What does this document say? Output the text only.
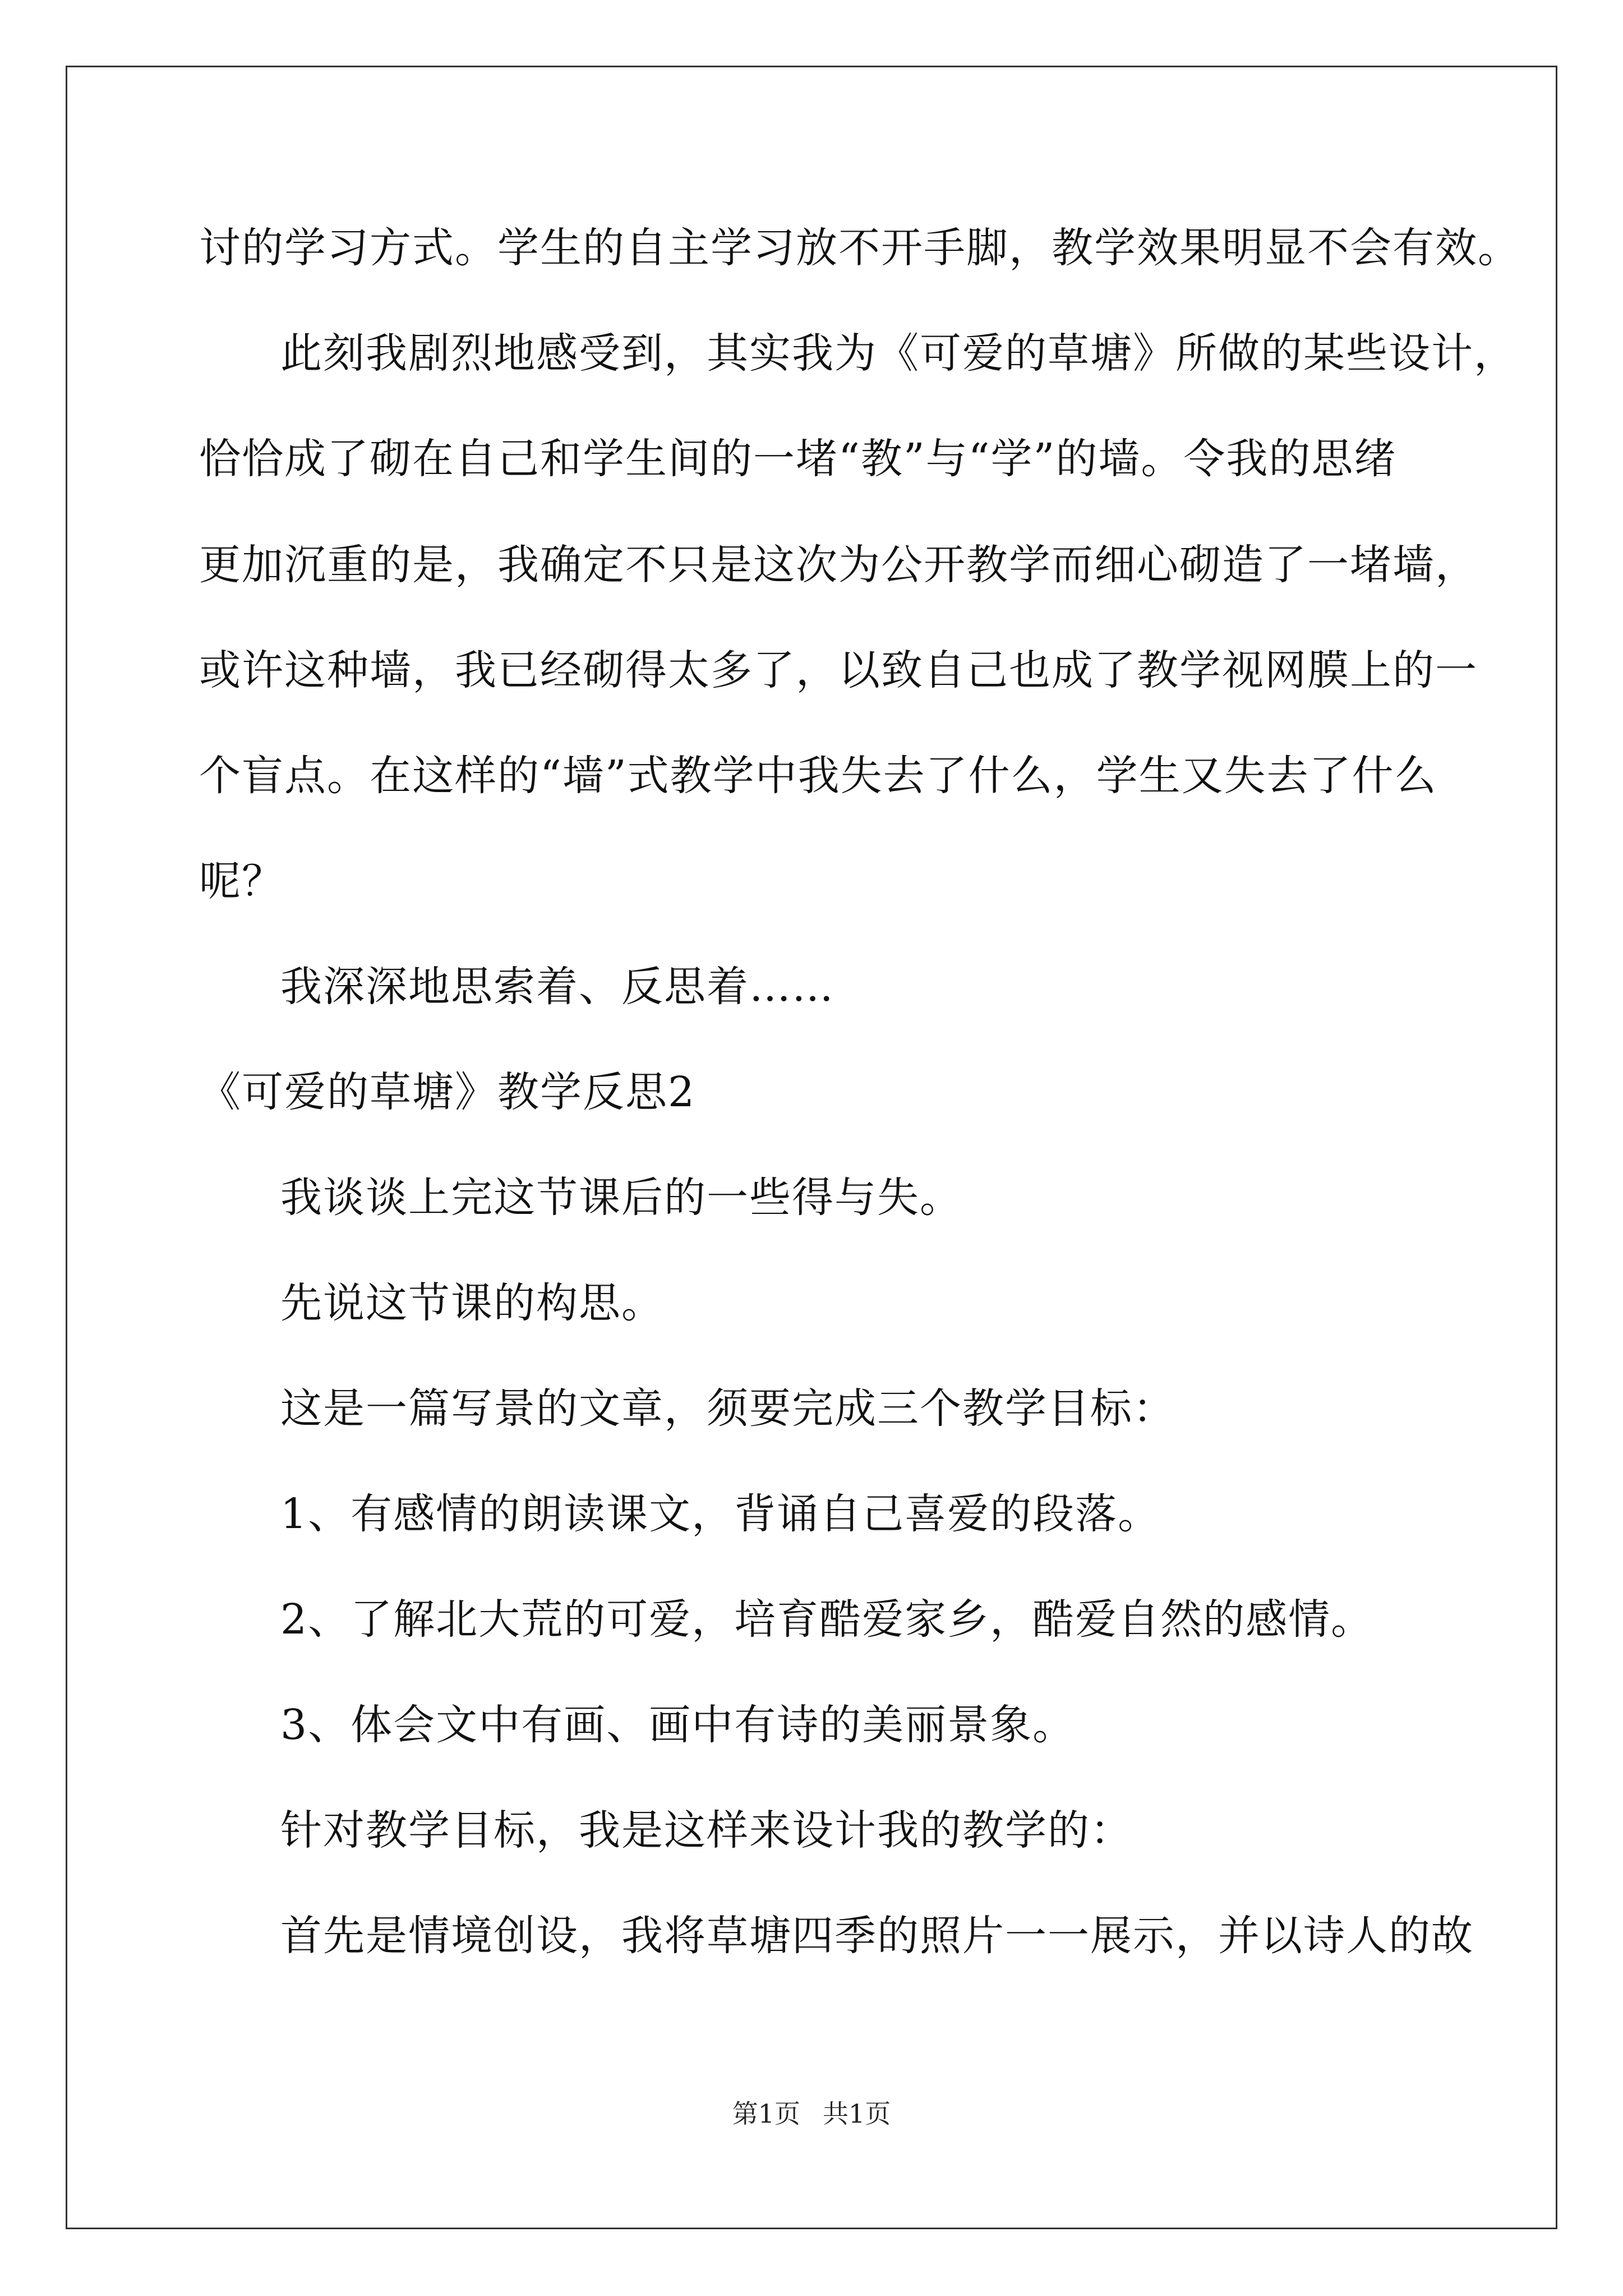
讨的学习方式。学生的自主学习放不开手脚，教学效果明显不会有效。
此刻我剧烈地感受到，其实我为《可爱的草塘》所做的某些设计，
恰恰成了砌在自己和学生间的一堵“教”与“学”的墙。令我的思绪
更加沉重的是，我确定不只是这次为公开教学而细心砌造了一堵墙，
或许这种墙，我已经砌得太多了，以致自己也成了教学视网膜上的一
个盲点。在这样的“墙”式教学中我失去了什么，学生又失去了什么
呢？
我深深地思索着、反思着……
《可爱的草塘》教学反思2
我谈谈上完这节课后的一些得与失。
先说这节课的构思。
这是一篇写景的文章，须要完成三个教学目标：
1、有感情的朗读课文，背诵自己喜爱的段落。
2、了解北大荒的可爱，培育酷爱家乡，酷爱自然的感情。
3、体会文中有画、画中有诗的美丽景象。
针对教学目标，我是这样来设计我的教学的：
首先是情境创设，我将草塘四季的照片一一展示，并以诗人的故
第1页 共1页
